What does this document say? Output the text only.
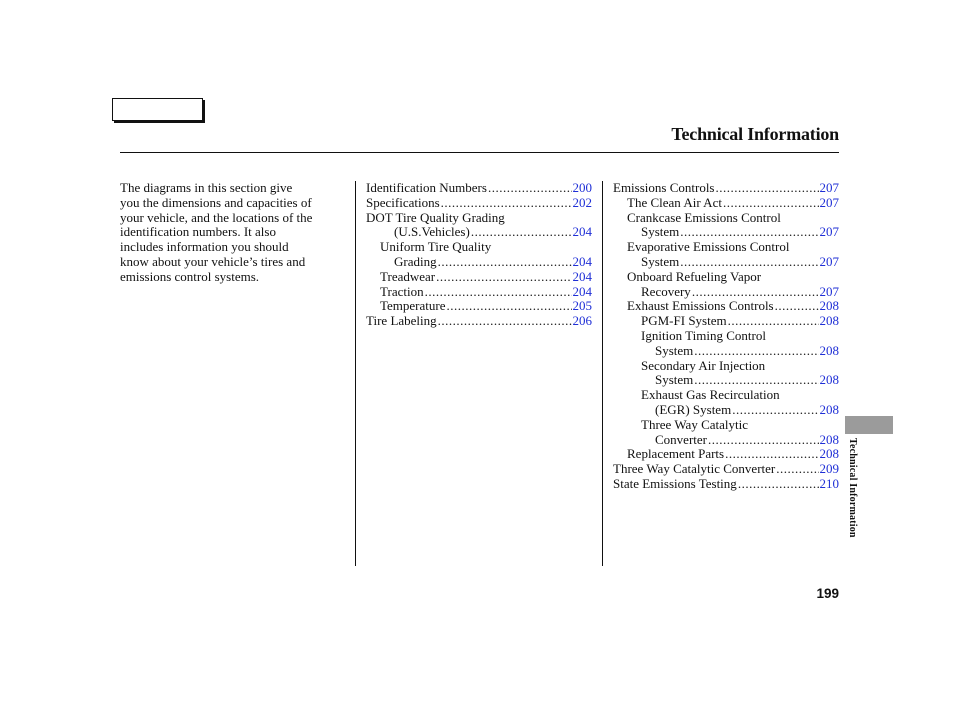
Technical Information
The diagrams in this section give
you the dimensions and capacities of
your vehicle, and the locations of the
identification numbers. It also
includes information you should
know about your vehicle’s tires and
emissions control systems.
Identification Numbers .....	200
Specifications .....	202
DOT Tire Quality Grading
(U.S.Vehicles) .....	204
Uniform Tire Quality
Grading .....	204
Treadwear .....	204
Traction .....	204
Temperature .....	205
Tire Labeling .....	206
Emissions Controls .....	207
The Clean Air Act .....	207
Crankcase Emissions Control
System .....	207
Evaporative Emissions Control
System .....	207
Onboard Refueling Vapor
Recovery .....	207
Exhaust Emissions Controls .....	208
PGM-FI System .....	208
Ignition Timing Control
System .....	208
Secondary Air Injection
System .....	208
Exhaust Gas Recirculation
(EGR) System .....	208
Three Way Catalytic
Converter .....	208
Replacement Parts .....	208
Three Way Catalytic Converter .....	209
State Emissions Testing .....	210 Technical Information
199
